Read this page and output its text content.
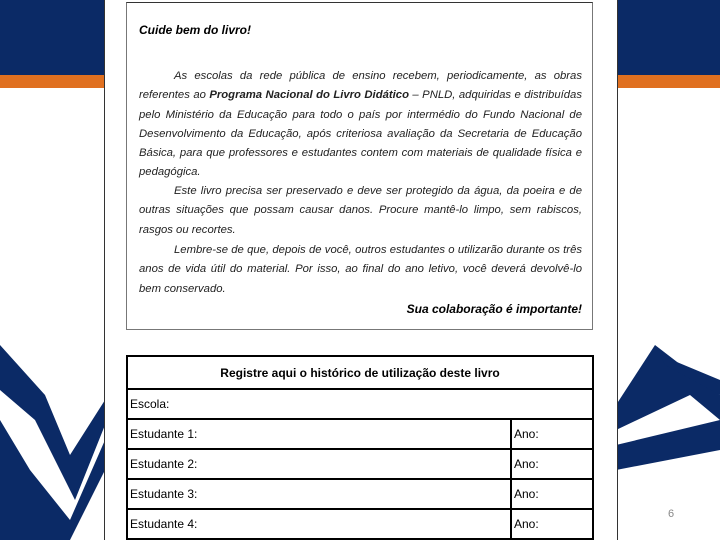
Cuide bem do livro!
As escolas da rede pública de ensino recebem, periodicamente, as obras referentes ao Programa Nacional do Livro Didático – PNLD, adquiridas e distribuídas pelo Ministério da Educação para todo o país por intermédio do Fundo Nacional de Desenvolvimento da Educação, após criteriosa avaliação da Secretaria de Educação Básica, para que professores e estudantes contem com materiais de qualidade física e pedagógica.
Este livro precisa ser preservado e deve ser protegido da água, da poeira e de outras situações que possam causar danos. Procure mantê-lo limpo, sem rabiscos, rasgos ou recortes.
Lembre-se de que, depois de você, outros estudantes o utilizarão durante os três anos de vida útil do material. Por isso, ao final do ano letivo, você deverá devolvê-lo bem conservado.
Sua colaboração é importante!
Registre aqui o histórico de utilização deste livro	
Escola:	
Estudante 1:	Ano:
Estudante 2:	Ano:
Estudante 3:	Ano:
Estudante 4:	Ano:
6
